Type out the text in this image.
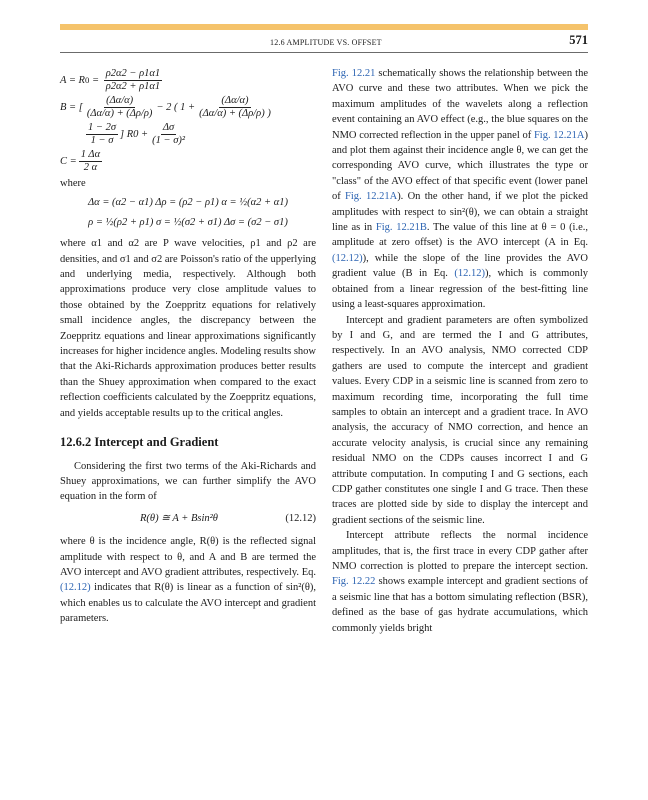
12.6 AMPLITUDE VS. OFFSET	571
A = R $0 = \frac{\rho 2\alpha 2 - \rho 1\alpha 1}{\rho 2\alpha 2 + \rho 1\alpha 1}$
B = [ $\frac{(\Delta\alpha/\alpha)}{(\Delta\alpha/\alpha) + (\Delta\rho/\rho)} - 2$ ( $1 + \frac{(\Delta\alpha/\alpha)}{(\Delta\alpha/\alpha) + (\Delta\rho/\rho) )}$
$\frac{1 - 2\sigma}{1 - \sigma}$ ] $R0 + \frac{\Delta\sigma}{\text{(1 − σ)²}}$
$C = \frac{1 \Delta\alpha}{2 \alpha}$

where

Δα = (α2 − α1) Δρ = (ρ2 − ρ1) α = ½(α2 + α1)

ρ = ½(ρ2 + ρ1) σ = ½(σ2 + σ1) Δσ = (σ2 − σ1)

where α1 and α2 are P wave velocities, ρ1 and ρ2 are densities, and σ1 and σ2 are Poisson's ratio of the upperlying and underlying media, respectively. Although both approximations produce very close amplitude values to those obtained by the Zoeppritz equations for relatively small incidence angles, the discrepancy between the Zoeppritz equations and linear approximations significantly increases for higher incidence angles. Modeling results show that the Aki-Richards approximation produces better results than the Shuey approximation when compared to the exact reflection coefficients calculated by the Zoeppritz equations, and yields acceptable results up to the critical angles.

12.6.2 Intercept and Gradient

Considering the first two terms of the Aki-Richards and Shuey approximations, we can further simplify the AVO equation in the form of

R(θ) ≅ A + Bsin²θ	(12.12)

where θ is the incidence angle, R(θ) is the reflected signal amplitude with respect to θ, and A and B are termed the AVO intercept and AVO gradient attributes, respectively. Eq. (12.12) indicates that R(θ) is linear as a function of sin²(θ), which enables us to calculate the AVO intercept and gradient parameters.

Fig. 12.21 schematically shows the relationship between the AVO curve and these two attributes. When we pick the maximum amplitudes of the wavelets along a reflection event containing an AVO effect (e.g., the blue squares on the NMO corrected reflection in the upper panel of Fig. 12.21A) and plot them against their incidence angle θ, we can get the corresponding AVO curve, which illustrates the type or "class" of the AVO effect of that specific event (lower panel of Fig. 12.21A). On the other hand, if we plot the picked amplitudes with respect to sin²(θ), we can obtain a straight line as in Fig. 12.21B. The value of this line at θ = 0 (i.e., amplitude at zero offset) is the AVO intercept (A in Eq. (12.12)), while the slope of the line provides the AVO gradient value (B in Eq. (12.12)), which is commonly obtained from a linear regression of the best-fitting line using a least-squares approximation.

Intercept and gradient parameters are often symbolized by I and G, and are termed the I and G attributes, respectively. In an AVO analysis, NMO corrected CDP gathers are used to compute the intercept and gradient values. Every CDP in a seismic line is scanned from zero to maximum recording time, incorporating the full time samples to obtain an intercept and a gradient trace. In AVO analysis, the accuracy of NMO correction, and hence an accurate velocity analysis, is crucial since any remaining residual NMO on the CDPs causes incorrect I and G attribute computation. In computing I and G sections, each CDP gather constitutes one single I and G trace. Then these traces are plotted side by side to display the intercept and gradient sections of the seismic line.

Intercept attribute reflects the normal incidence amplitudes, that is, the first trace in every CDP gather after NMO correction is plotted to prepare the intercept section. Fig. 12.22 shows example intercept and gradient sections of a seismic line that has a bottom simulating reflection (BSR), defined as the base of gas hydrate accumulations, which commonly yields bright
